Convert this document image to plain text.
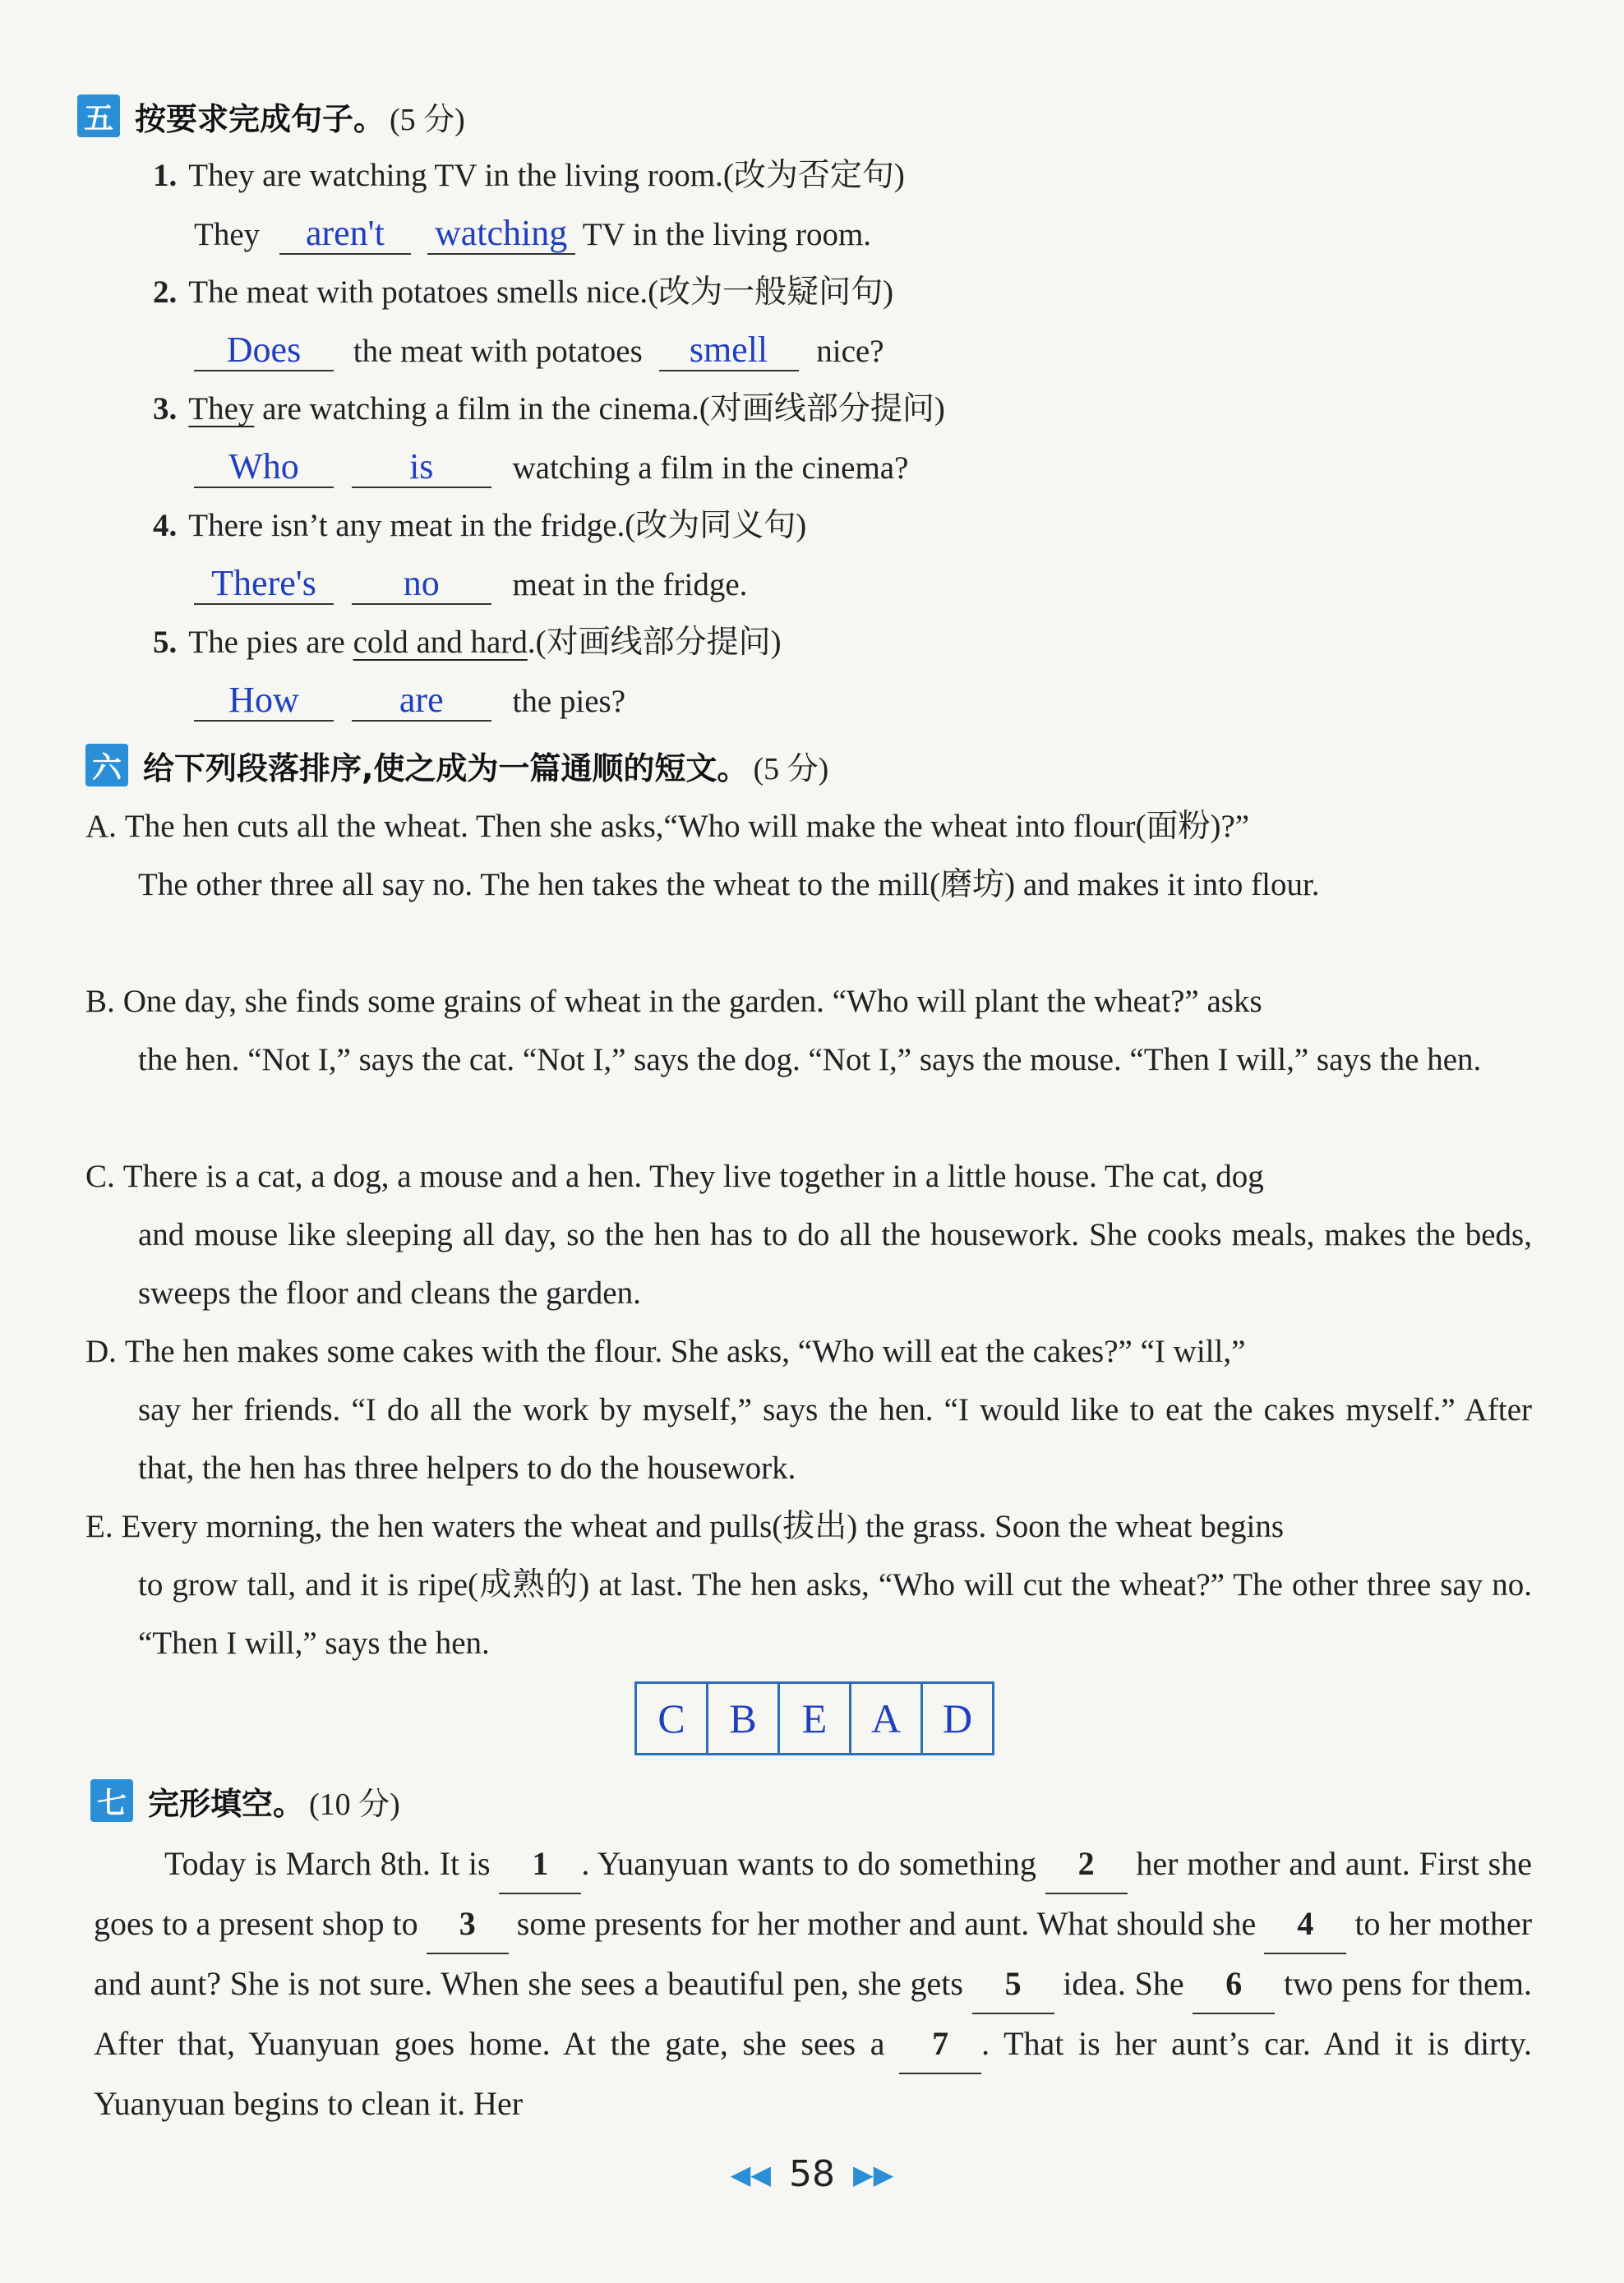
五 按要求完成句子。 (5 分)
1. They are watching TV in the living room.(改为否定句)
They aren't watching TV in the living room.
2. The meat with potatoes smells nice.(改为一般疑问句)
Does the meat with potatoes smell nice?
3. They are watching a film in the cinema.(对画线部分提问)
Who	is watching a film in the cinema?
4. There isn’t any meat in the fridge.(改为同义句)
There's no meat in the fridge.
5. The pies are cold and hard.(对画线部分提问)
How	are the pies?
六 给下列段落排序,使之成为一篇通顺的短文。 (5 分)
A. The hen cuts all the wheat. Then she asks,“Who will make the wheat into flour(面粉)?”
The other three all say no. The hen takes the wheat to the mill(磨坊) and makes it into flour.
B. One day, she finds some grains of wheat in the garden. “Who will plant the wheat?” asks
the hen. “Not I,” says the cat. “Not I,” says the dog. “Not I,” says the mouse. “Then I will,” says the hen.
C. There is a cat, a dog, a mouse and a hen. They live together in a little house. The cat, dog
and mouse like sleeping all day, so the hen has to do all the housework. She cooks meals, makes the beds, sweeps the floor and cleans the garden.
D. The hen makes some cakes with the flour. She asks, “Who will eat the cakes?” “I will,”
say her friends. “I do all the work by myself,” says the hen. “I would like to eat the cakes myself.” After that, the hen has three helpers to do the housework.
E. Every morning, the hen waters the wheat and pulls(拔出) the grass. Soon the wheat begins
to grow tall, and it is ripe(成熟的) at last. The hen asks, “Who will cut the wheat?” The other three say no. “Then I will,” says the hen.
C	B	E	A	D
七 完形填空。 (10 分)
Today is March 8th. It is 1 . Yuanyuan wants to do something 2 her mother and aunt. First she goes to a present shop to 3 some presents for her mother and aunt. What should she 4 to her mother and aunt? She is not sure. When she sees a beautiful pen, she gets 5 idea. She 6 two pens for them. After that, Yuanyuan goes home. At the gate, she sees a 7 . That is her aunt’s car. And it is dirty. Yuanyuan begins to clean it. Her
◀◀ 58 ▶▶
